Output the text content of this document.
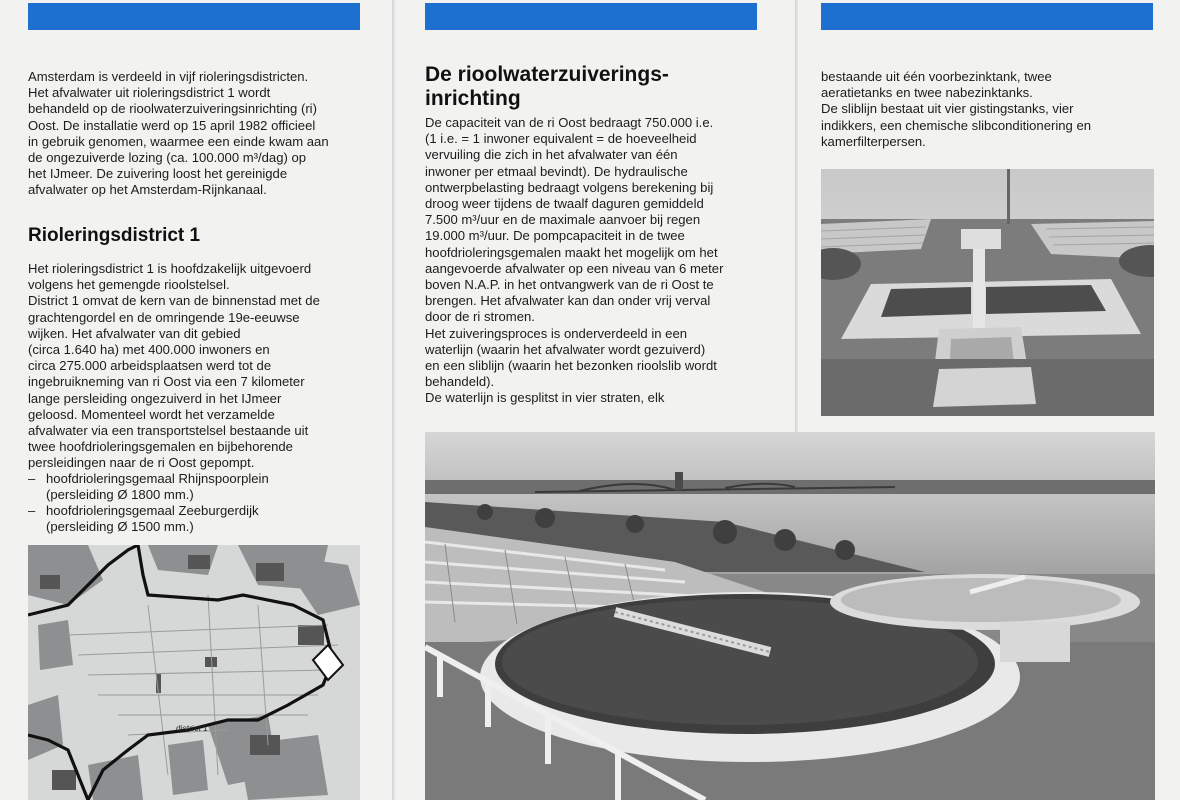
Amsterdam is verdeeld in vijf rioleringsdistricten.
Het afvalwater uit rioleringsdistrict 1 wordt
behandeld op de rioolwaterzuiveringsinrichting (ri)
Oost. De installatie werd op 15 april 1982 officieel
in gebruik genomen, waarmee een einde kwam aan
de ongezuiverde lozing (ca. 100.000 m³/dag) op
het IJmeer. De zuivering loost het gereinigde
afvalwater op het Amsterdam-Rijnkanaal.

Rioleringsdistrict 1

Het rioleringsdistrict 1 is hoofdzakelijk uitgevoerd
volgens het gemengde rioolstelsel.
District 1 omvat de kern van de binnenstad met de
grachtengordel en de omringende 19e-eeuwse
wijken. Het afvalwater van dit gebied
(circa 1.640 ha) met 400.000 inwoners en
circa 275.000 arbeidsplaatsen werd tot de
ingebruikneming van ri Oost via een 7 kilometer
lange persleiding ongezuiverd in het IJmeer
geloosd. Momenteel wordt het verzamelde
afvalwater via een transportstelsel bestaande uit
twee hoofdrioleringsgemalen en bijbehorende
persleidingen naar de ri Oost gepompt.

– hoofdrioleringsgemaal Rhijnspoorplein
(persleiding Ø 1800 mm.)
– hoofdrioleringsgemaal Zeeburgerdijk
(persleiding Ø 1500 mm.)
district 1
De rioolwaterzuiverings-
inrichting

De capaciteit van de ri Oost bedraagt 750.000 i.e.
(1 i.e. = 1 inwoner equivalent = de hoeveelheid
vervuiling die zich in het afvalwater van één
inwoner per etmaal bevindt). De hydraulische
ontwerpbelasting bedraagt volgens berekening bij
droog weer tijdens de twaalf daguren gemiddeld
7.500 m³/uur en de maximale aanvoer bij regen
19.000 m³/uur. De pompcapaciteit in de twee
hoofdrioleringsgemalen maakt het mogelijk om het
aangevoerde afvalwater op een niveau van 6 meter
boven N.A.P. in het ontvangwerk van de ri Oost te
brengen. Het afvalwater kan dan onder vrij verval
door de ri stromen.
Het zuiveringsproces is onderverdeeld in een
waterlijn (waarin het afvalwater wordt gezuiverd)
en een sliblijn (waarin het bezonken rioolslib wordt
behandeld).
De waterlijn is gesplitst in vier straten, elk

bestaande uit één voorbezinktank, twee
aeratietanks en twee nabezinktanks.
De sliblijn bestaat uit vier gistingstanks, vier
indikkers, een chemische slibconditionering en
kamerfilterpersen.
